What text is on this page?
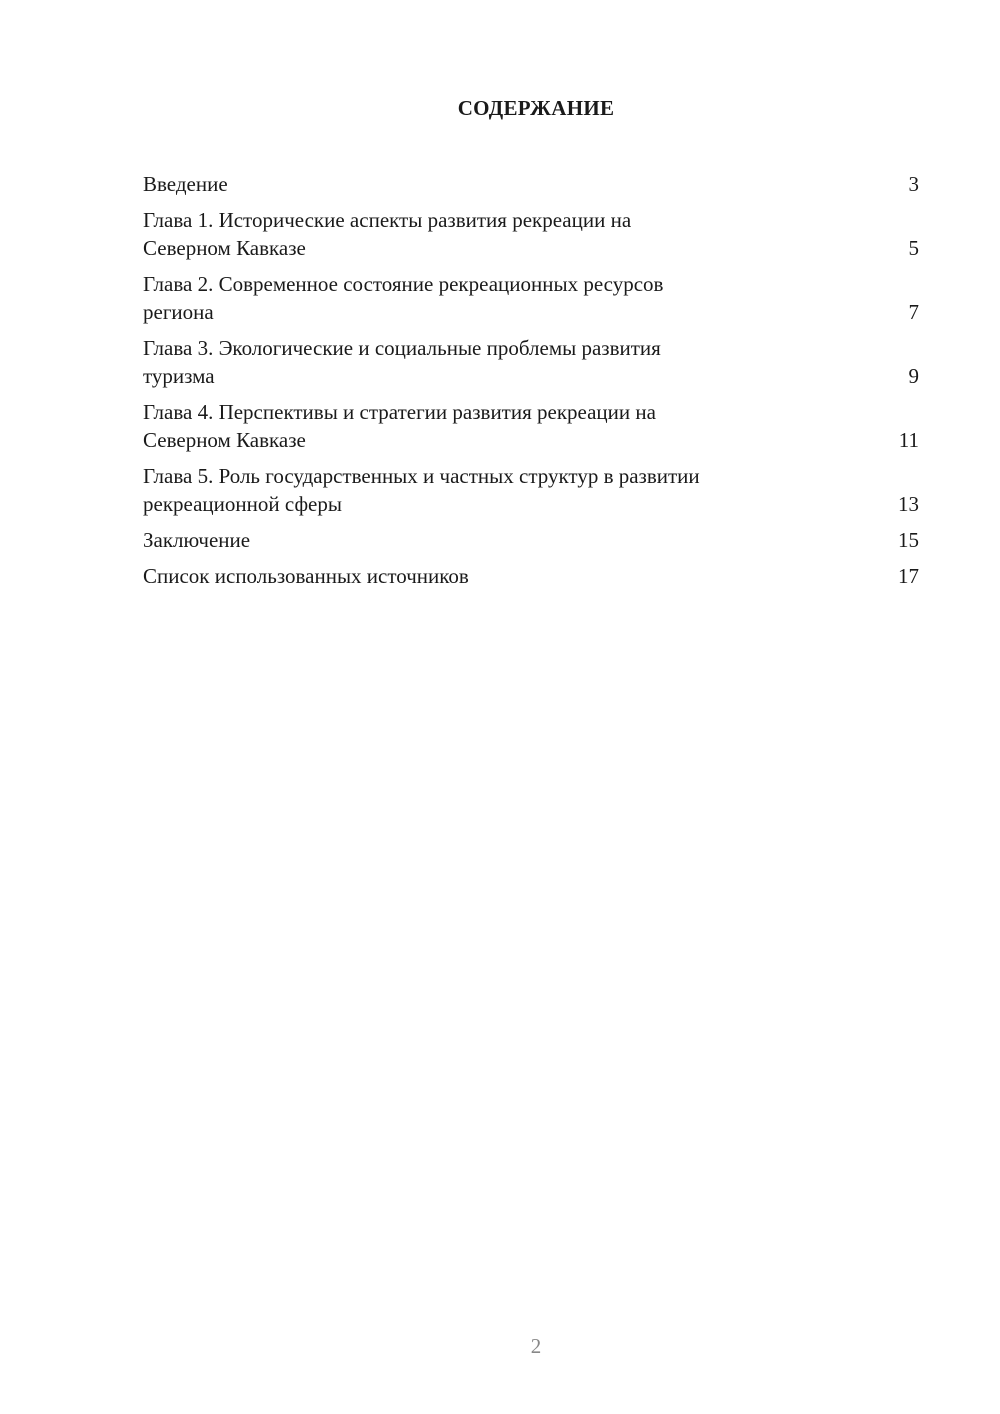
СОДЕРЖАНИЕ
Введение	3
Глава 1. Исторические аспекты развития рекреации на
Северном Кавказе	5
Глава 2. Современное состояние рекреационных ресурсов
региона	7
Глава 3. Экологические и социальные проблемы развития
туризма	9
Глава 4. Перспективы и стратегии развития рекреации на
Северном Кавказе	11
Глава 5. Роль государственных и частных структур в развитии
рекреационной сферы	13
Заключение	15
Список использованных источников	17
2
